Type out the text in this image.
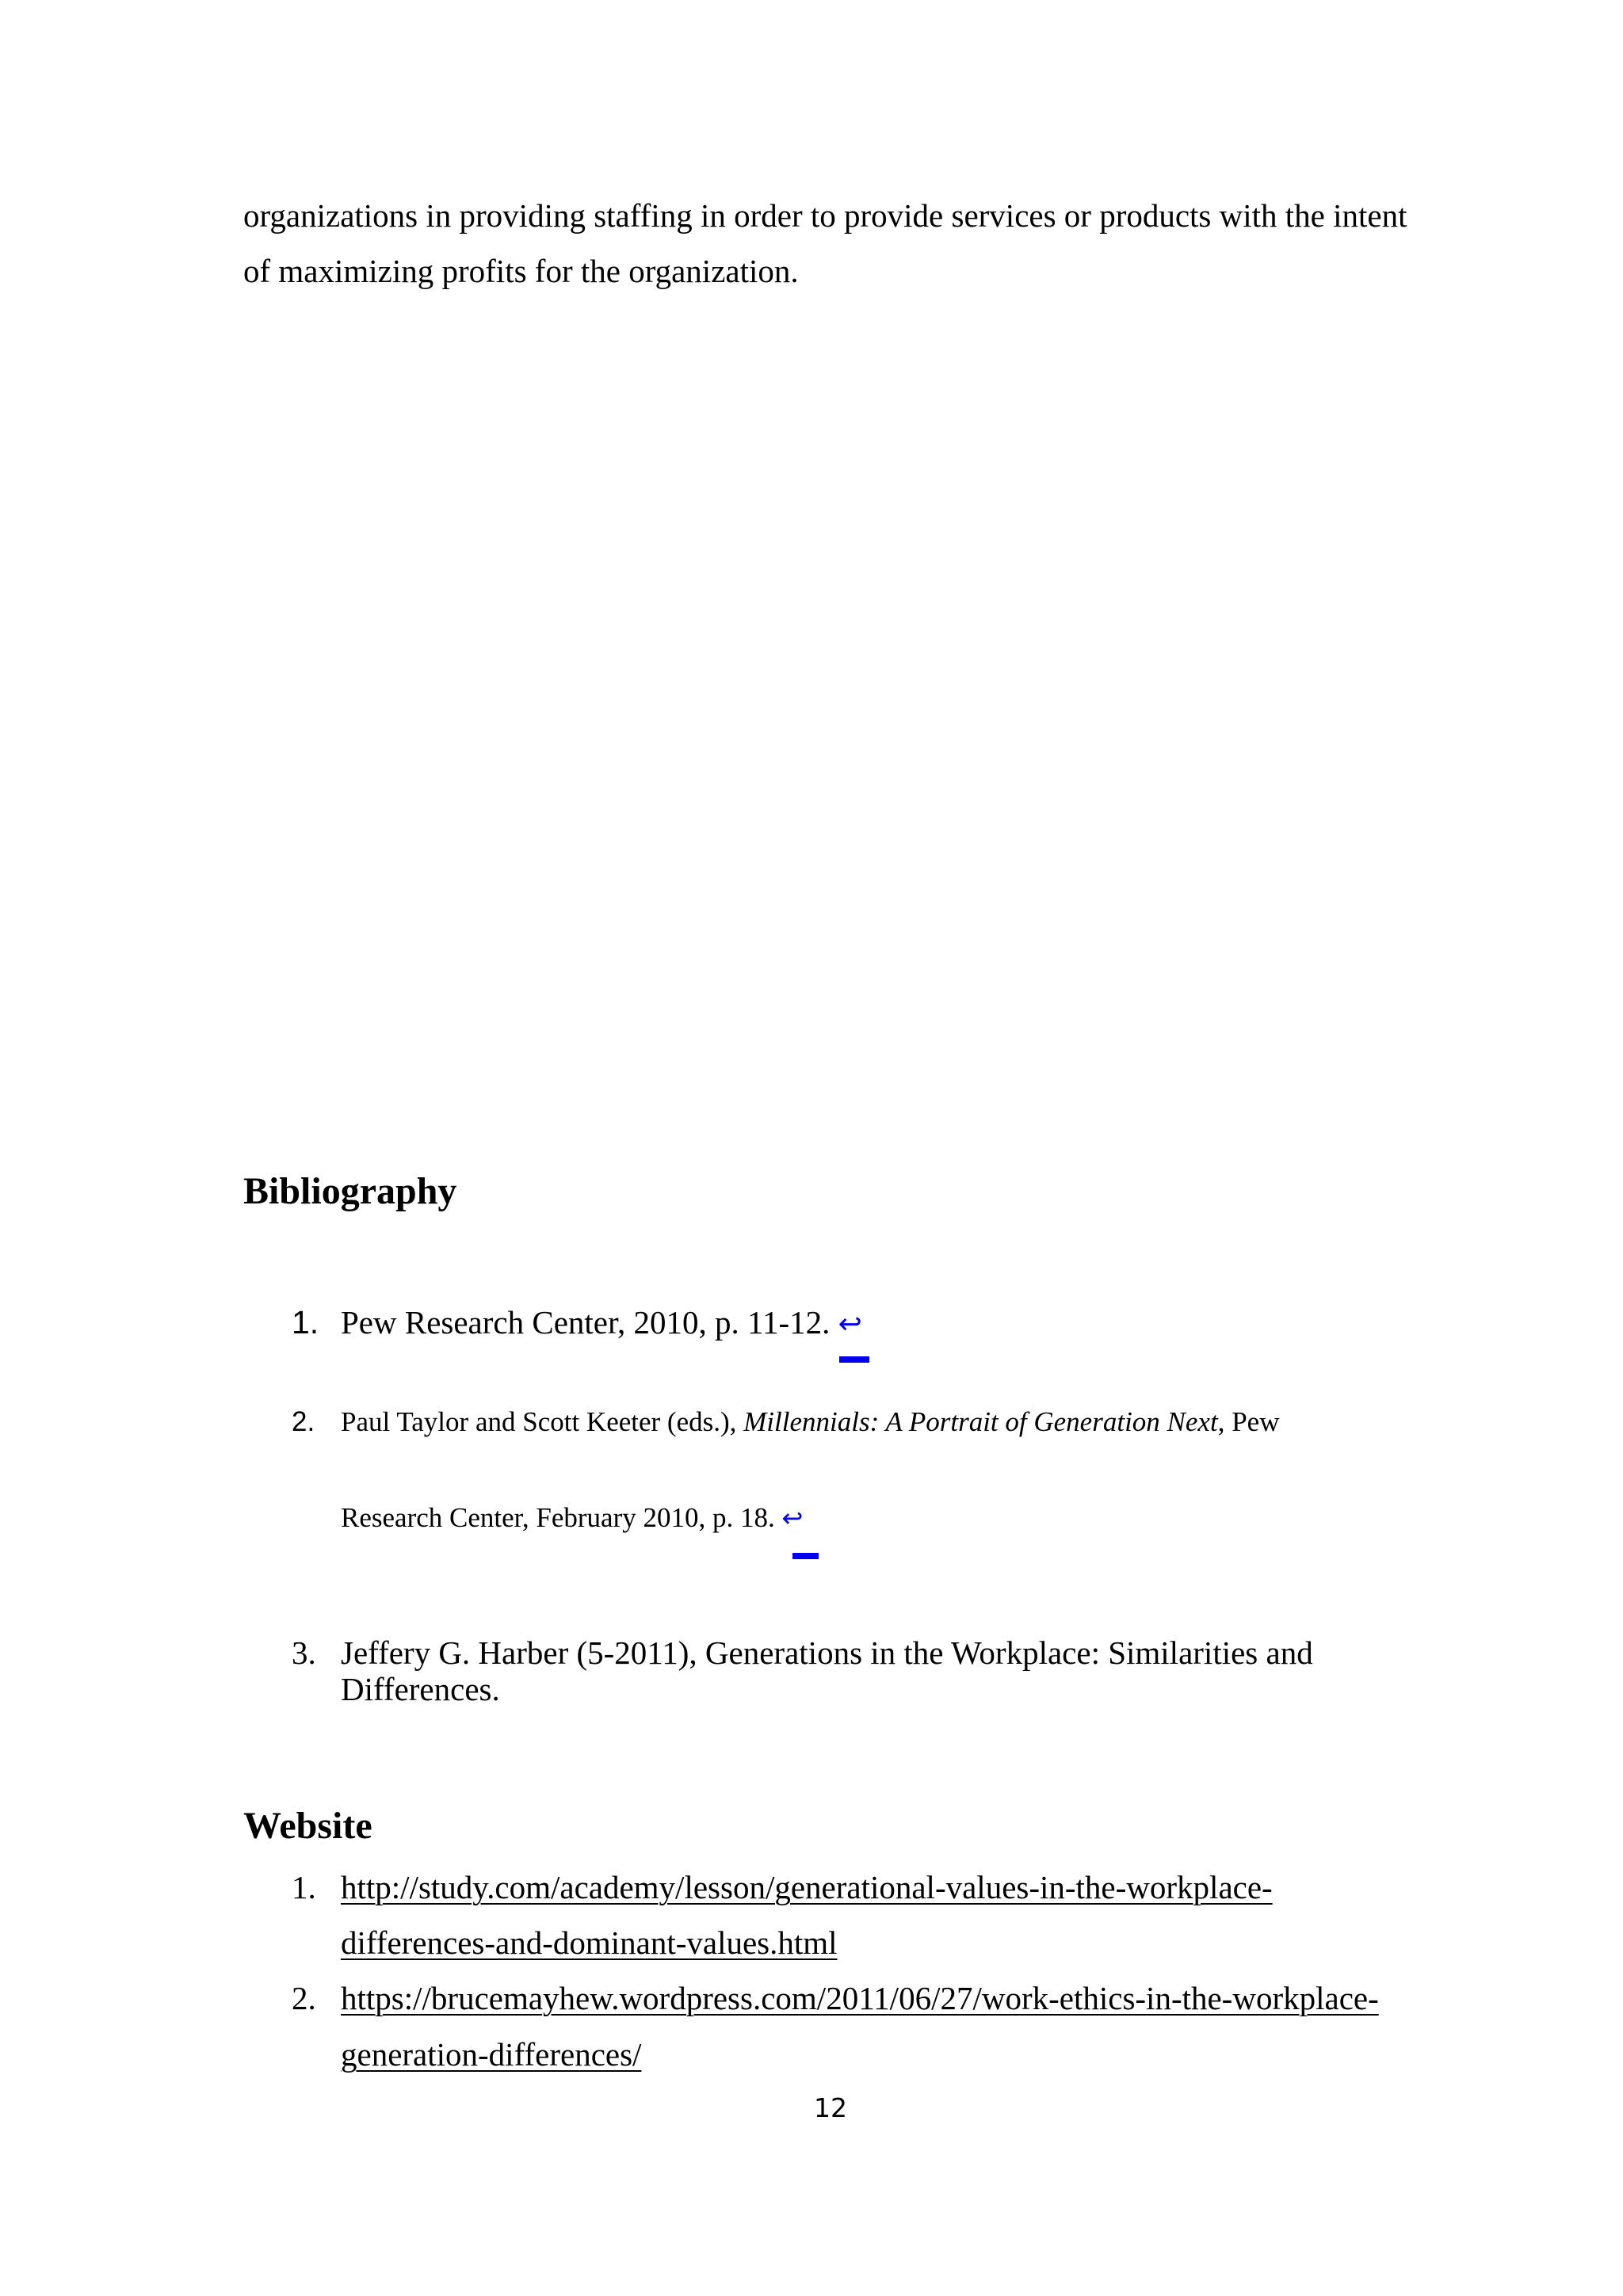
organizations in providing staffing in order to provide services or products with the intent

of maximizing profits for the organization.

Bibliography
1. Pew Research Center, 2010, p. 11-12. ↩

2. Paul Taylor and Scott Keeter (eds.), Millennials: A Portrait of Generation Next, Pew

Research Center, February 2010, p. 18. ↩

3. Jeffery G. Harber (5-2011), Generations in the Workplace: Similarities and

Differences.

Website
1. http://study.com/academy/lesson/generational-values-in-the-workplace-
differences-and-dominant-values.html
2. https://brucemayhew.wordpress.com/2011/06/27/work-ethics-in-the-workplace-
generation-differences/
12
